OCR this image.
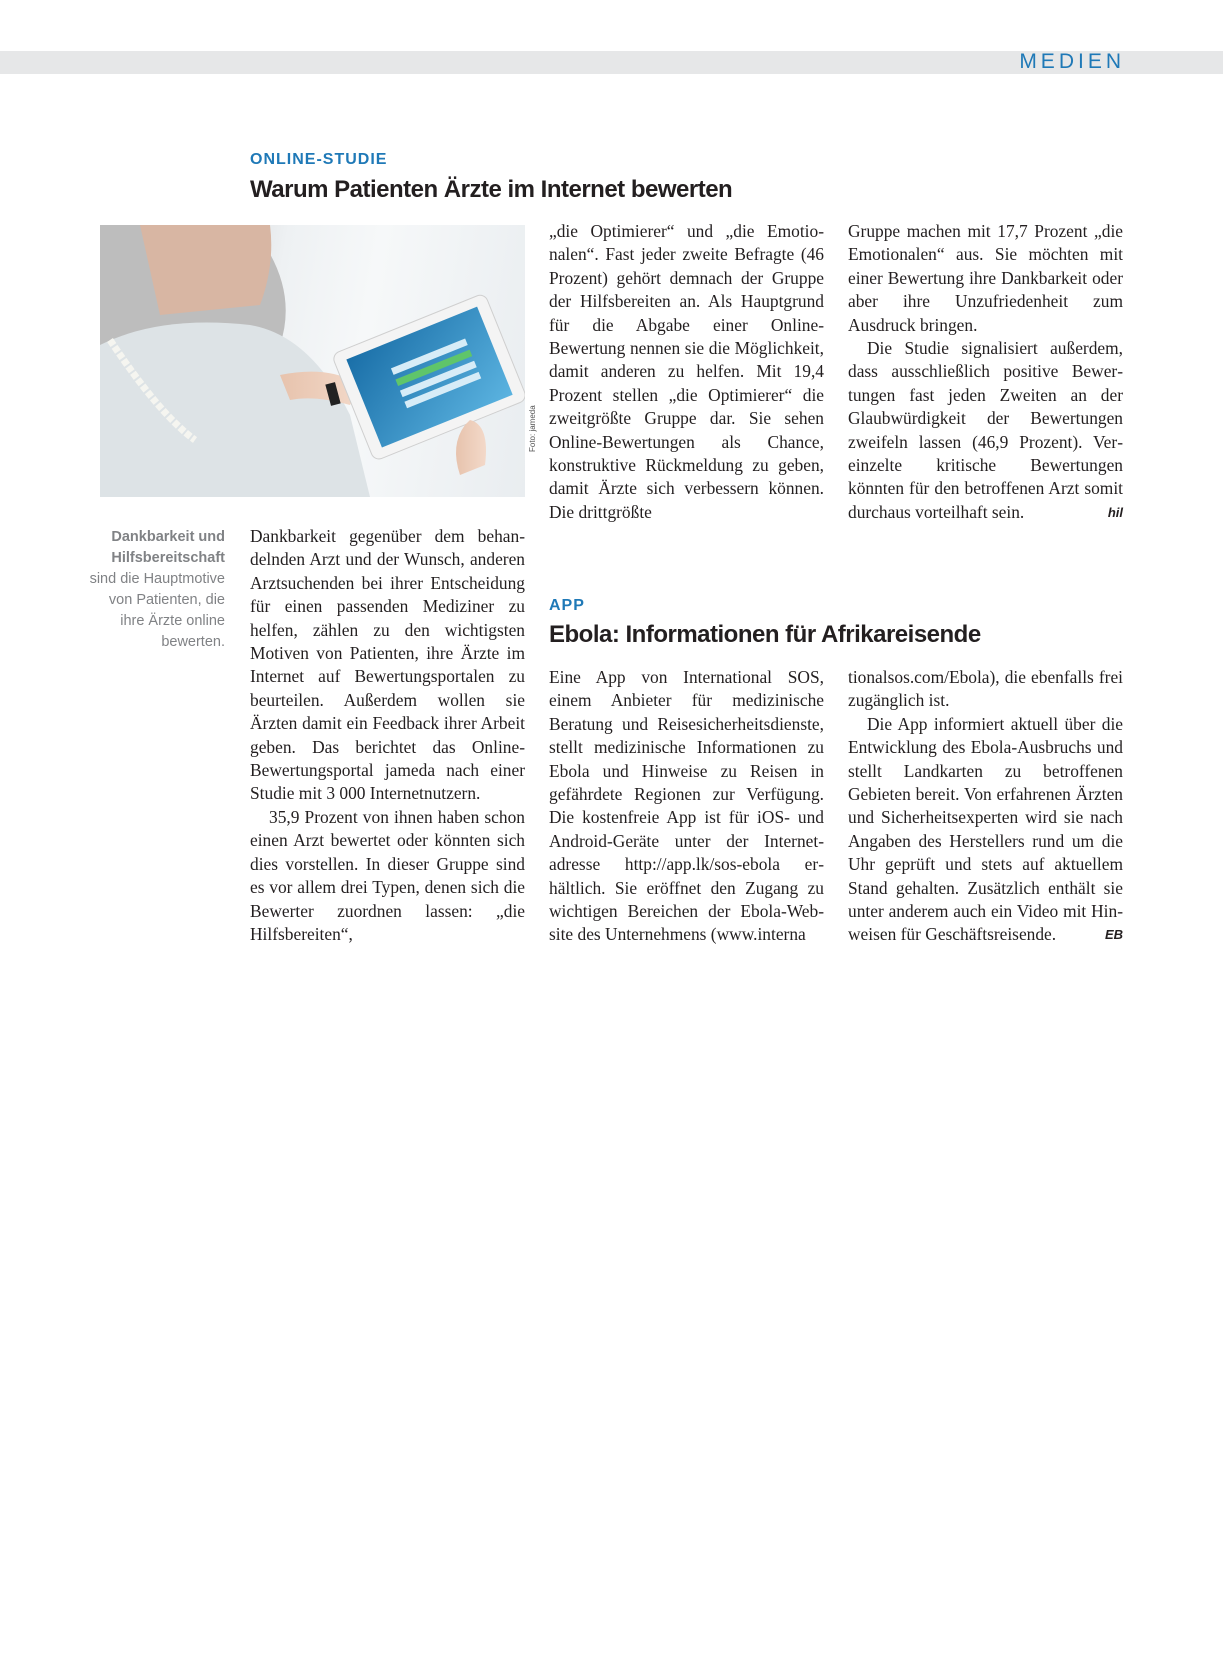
MEDIEN
ONLINE-STUDIE
Warum Patienten Ärzte im Internet bewerten
Foto: jameda
Dankbarkeit und Hilfsbereitschaft
sind die Hauptmotive von Patienten, die ihre Ärzte online bewerten.

Dankbarkeit gegenüber dem behandelnden Arzt und der Wunsch, anderen Arztsuchenden bei ihrer Entscheidung für einen passenden Mediziner zu helfen, zählen zu den wichtigsten Motiven von Patienten, ihre Ärzte im Internet auf Bewertungsportalen zu beurteilen. Außerdem wollen sie Ärzten damit ein Feedback ihrer Arbeit geben. Das berichtet das Online-Bewertungsportal jameda nach einer Studie mit 3 000 Internetnutzern.

35,9 Prozent von ihnen haben schon einen Arzt bewertet oder könnten sich dies vorstellen. In dieser Gruppe sind es vor allem drei Typen, denen sich die Bewerter zuordnen lassen: „die Hilfsbereiten“,

„die Optimierer“ und „die Emotionalen“. Fast jeder zweite Befragte (46 Prozent) gehört demnach der Gruppe der Hilfsbereiten an. Als Hauptgrund für die Abgabe einer Online-Bewertung nennen sie die Möglichkeit, damit anderen zu helfen. Mit 19,4 Prozent stellen „die Optimierer“ die zweitgrößte Gruppe dar. Sie sehen Online-Bewertungen als Chance, konstruktive Rückmeldung zu geben, damit Ärzte sich verbessern können. Die drittgrößte

Gruppe machen mit 17,7 Prozent „die Emotionalen“ aus. Sie möchten mit einer Bewertung ihre Dankbarkeit oder aber ihre Unzufriedenheit zum Ausdruck bringen.

Die Studie signalisiert außerdem, dass ausschließlich positive Bewertungen fast jeden Zweiten an der Glaubwürdigkeit der Bewertungen zweifeln lassen (46,9 Prozent). Vereinzelte kritische Bewertungen könnten für den betroffenen Arzt somit durchaus vorteilhaft sein.	hil

APP
Ebola: Informationen für Afrikareisende

Eine App von International SOS, einem Anbieter für medizinische Beratung und Reisesicherheitsdienste, stellt medizinische Informationen zu Ebola und Hinweise zu Reisen in gefährdete Regionen zur Verfügung. Die kostenfreie App ist für iOS- und Android-Geräte unter der Internetadresse http://app.lk/sos-ebola erhältlich. Sie eröffnet den Zugang zu wichtigen Bereichen der Ebola-Website des Unternehmens (www.interna

tionalsos.com/Ebola), die ebenfalls frei zugänglich ist.

Die App informiert aktuell über die Entwicklung des Ebola-Ausbruchs und stellt Landkarten zu betroffenen Gebieten bereit. Von erfahrenen Ärzten und Sicherheitsexperten wird sie nach Angaben des Herstellers rund um die Uhr geprüft und stets auf aktuellem Stand gehalten. Zusätzlich enthält sie unter anderem auch ein Video mit Hinweisen für Geschäftsreisende.	EB
